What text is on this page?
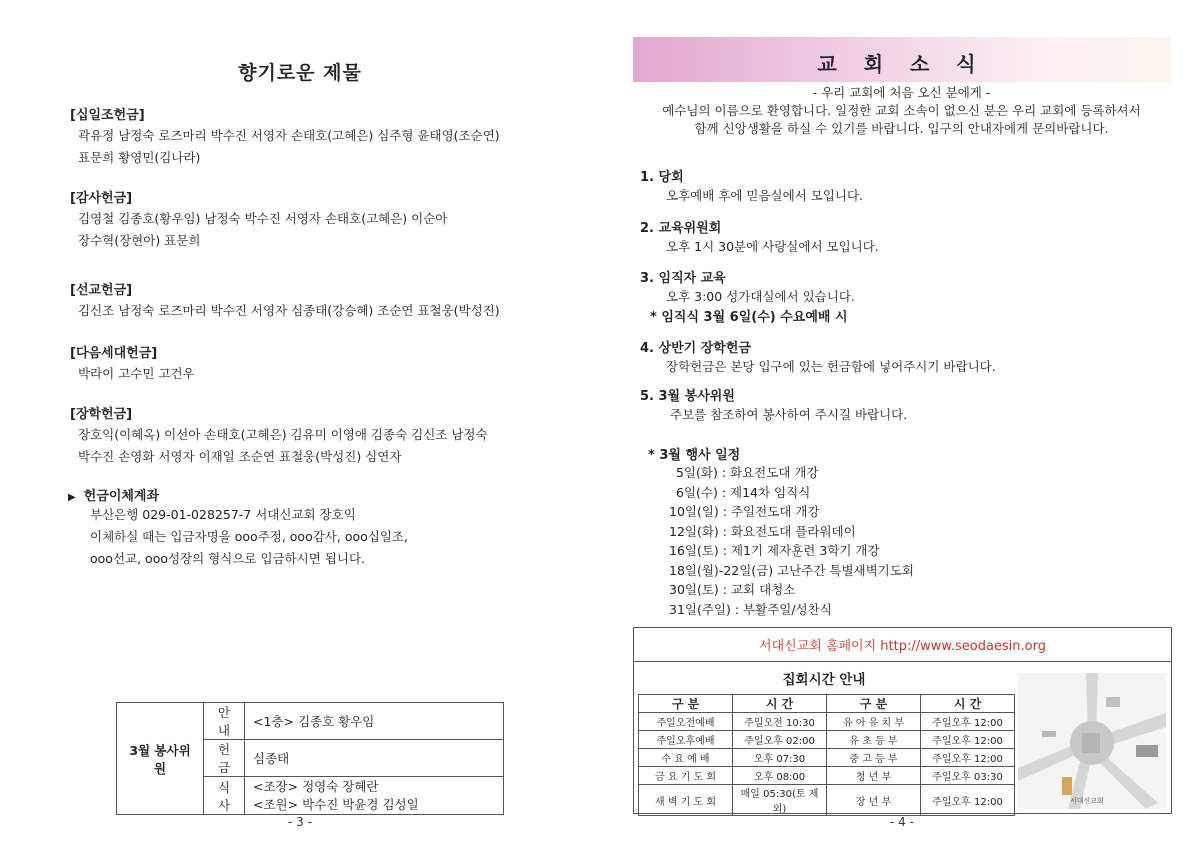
향기로운 제물
[십일조헌금]
곽유정 남정숙 로즈마리 박수진 서영자 손태호(고혜은) 심주형 윤태영(조순연)
표문희 황영민(김나라)
[감사헌금]
김영철 김종호(황우임) 남정숙 박수진 서영자 손태호(고혜은) 이순아
장수혁(장현아) 표문희
[선교헌금]
김신조 남정숙 로즈마리 박수진 서영자 심종태(강승혜) 조순연 표철웅(박성진)
[다음세대헌금]
박라이 고수민 고건우
[장학헌금]
장호익(이혜옥) 이선아 손태호(고혜은) 김유미 이영애 김종숙 김신조 남정숙
박수진 손영화 서영자 이재일 조순연 표철웅(박성진) 심연자
▶ 헌금이체계좌
부산은행 029-01-028257-7 서대신교회 장호익
이체하실 때는 입금자명을 ooo주정, ooo감사, ooo십일조,
ooo선교, ooo성장의 형식으로 입금하시면 됩니다.
3월 봉사위원	안내	<1층> 김종호 황우임
	헌금	심종태
	식사	<조장> 정영숙 장혜란
<조원> 박수진 박윤경 김성일
- 3 -
교 회 소 식
- 우리 교회에 처음 오신 분에게 -
예수님의 이름으로 환영합니다. 일정한 교회 소속이 없으신 분은 우리 교회에 등록하셔서
함께 신앙생활을 하실 수 있기를 바랍니다. 입구의 안내자에게 문의바랍니다.
1. 당회
오후예배 후에 믿음실에서 모입니다.
2. 교육위원회
오후 1시 30분에 사랑실에서 모입니다.
3. 임직자 교육
오후 3:00 성가대실에서 있습니다.
* 임직식 3월 6일(수) 수요예배 시
4. 상반기 장학헌금
장학헌금은 본당 입구에 있는 헌금함에 넣어주시기 바랍니다.
5. 3월 봉사위원
주보를 참조하여 봉사하여 주시길 바랍니다.
* 3월 행사 일정
5일(화) : 화요전도대 개강
6일(수) : 제14차 임직식
10일(일) : 주일전도대 개강
12일(화) : 화요전도대 플라워데이
16일(토) : 제1기 제자훈련 3학기 개강
18일(월)-22일(금) 고난주간 특별새벽기도회
30일(토) : 교회 대청소
31일(주일) : 부활주일/성찬식
서대신교회 홈페이지 http://www.seodaesin.org
집회시간 안내
구 분	시 간	구 분	시 간
주일오전예배	주일오전 10:30	유 아 유 치 부	주일오후 12:00
주일오후예배	주일오후 02:00	유 초 등 부	주일오후 12:00
수 요 예 배	오후 07:30	중 고 등 부	주일오후 12:00
금 요 기 도 회	오후 08:00	청 년 부	주일오후 03:30
새 벽 기 도 회	매일 05:30(토 제외)	장 년 부	주일오후 12:00	서대신교회
- 4 -
